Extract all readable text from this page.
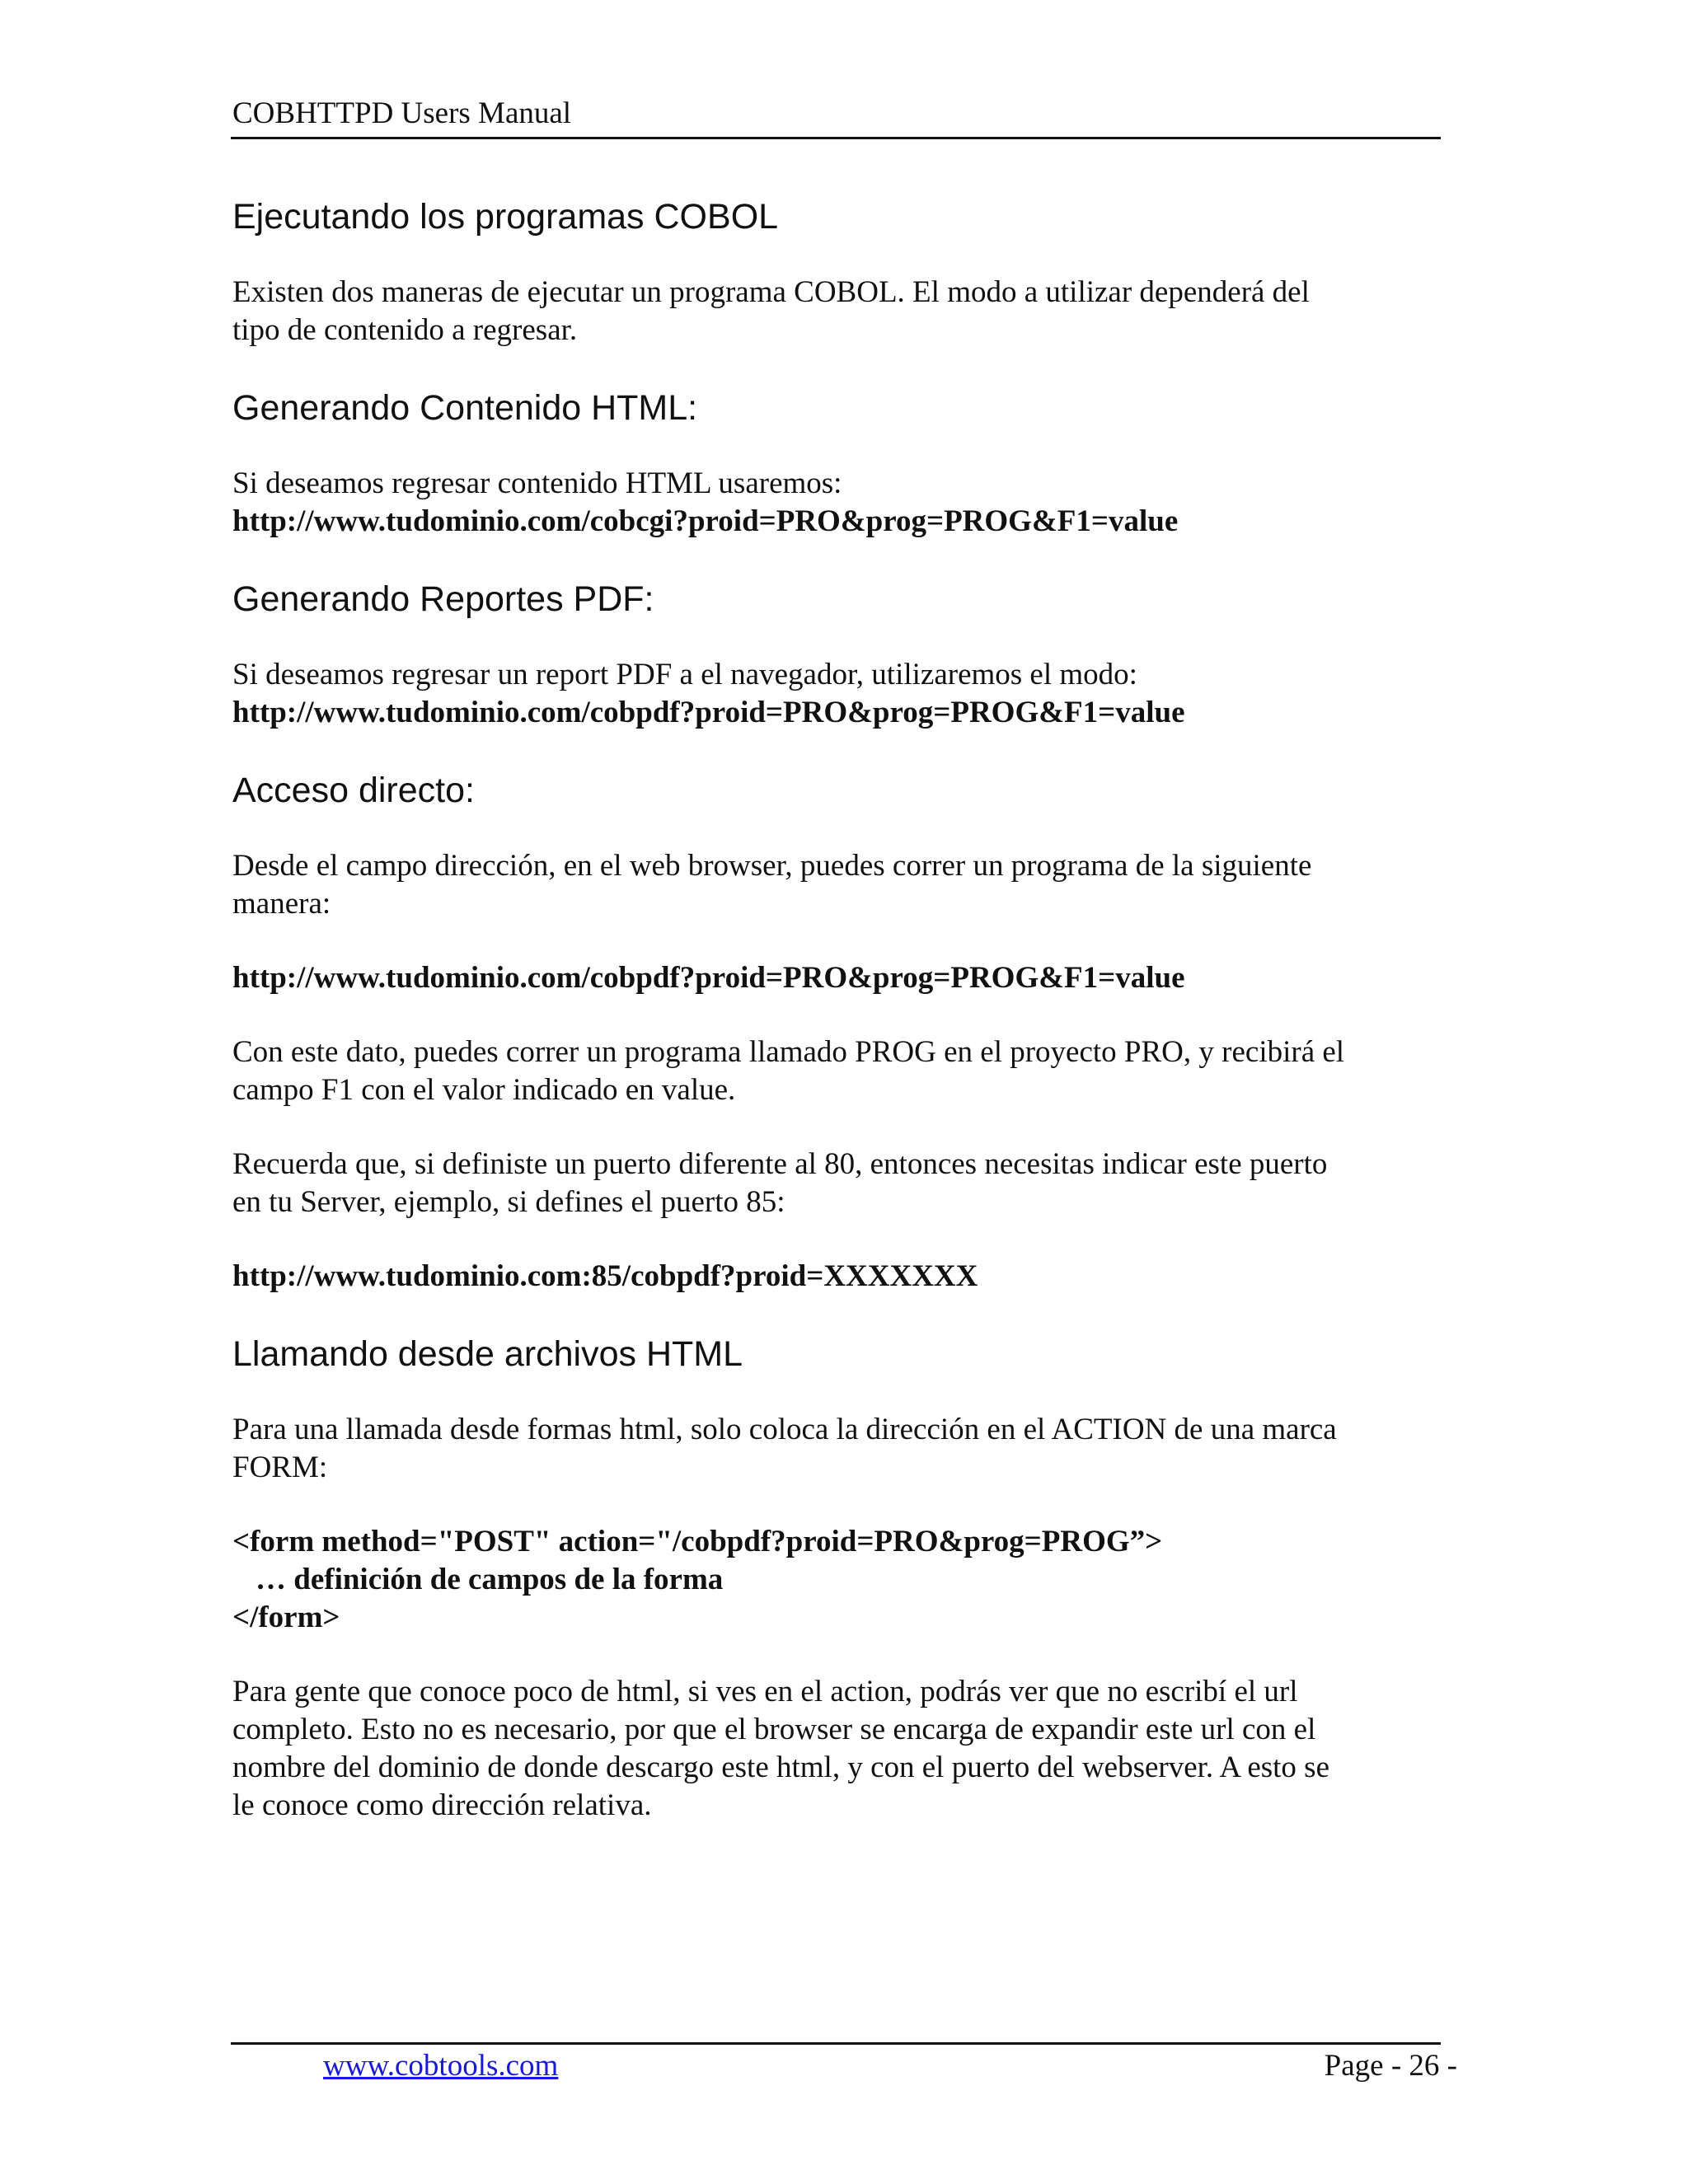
COBHTTPD Users Manual
Ejecutando los programas COBOL

Existen dos maneras de ejecutar un programa COBOL. El modo a utilizar dependerá del
tipo de contenido a regresar.

Generando Contenido HTML:

Si deseamos regresar contenido HTML usaremos:

http://www.tudominio.com/cobcgi?proid=PRO&prog=PROG&F1=value

Generando Reportes PDF:

Si deseamos regresar un report PDF a el navegador, utilizaremos el modo:

http://www.tudominio.com/cobpdf?proid=PRO&prog=PROG&F1=value

Acceso directo:

Desde el campo dirección, en el web browser, puedes correr un programa de la siguiente
manera:

http://www.tudominio.com/cobpdf?proid=PRO&prog=PROG&F1=value

Con este dato, puedes correr un programa llamado PROG en el proyecto PRO, y recibirá el
campo F1 con el valor indicado en value.

Recuerda que, si definiste un puerto diferente al 80, entonces necesitas indicar este puerto
en tu Server, ejemplo, si defines el puerto 85:

http://www.tudominio.com:85/cobpdf?proid=XXXXXXX

Llamando desde archivos HTML

Para una llamada desde formas html, solo coloca la dirección en el ACTION de una marca
FORM:

<form method="POST" action="/cobpdf?proid=PRO&prog=PROG”>
… definición de campos de la forma
</form>

Para gente que conoce poco de html, si ves en el action, podrás ver que no escribí el url
completo. Esto no es necesario, por que el browser se encarga de expandir este url con el
nombre del dominio de donde descargo este html, y con el puerto del webserver. A esto se
le conoce como dirección relativa.

www.cobtools.com	Page - 26 -
